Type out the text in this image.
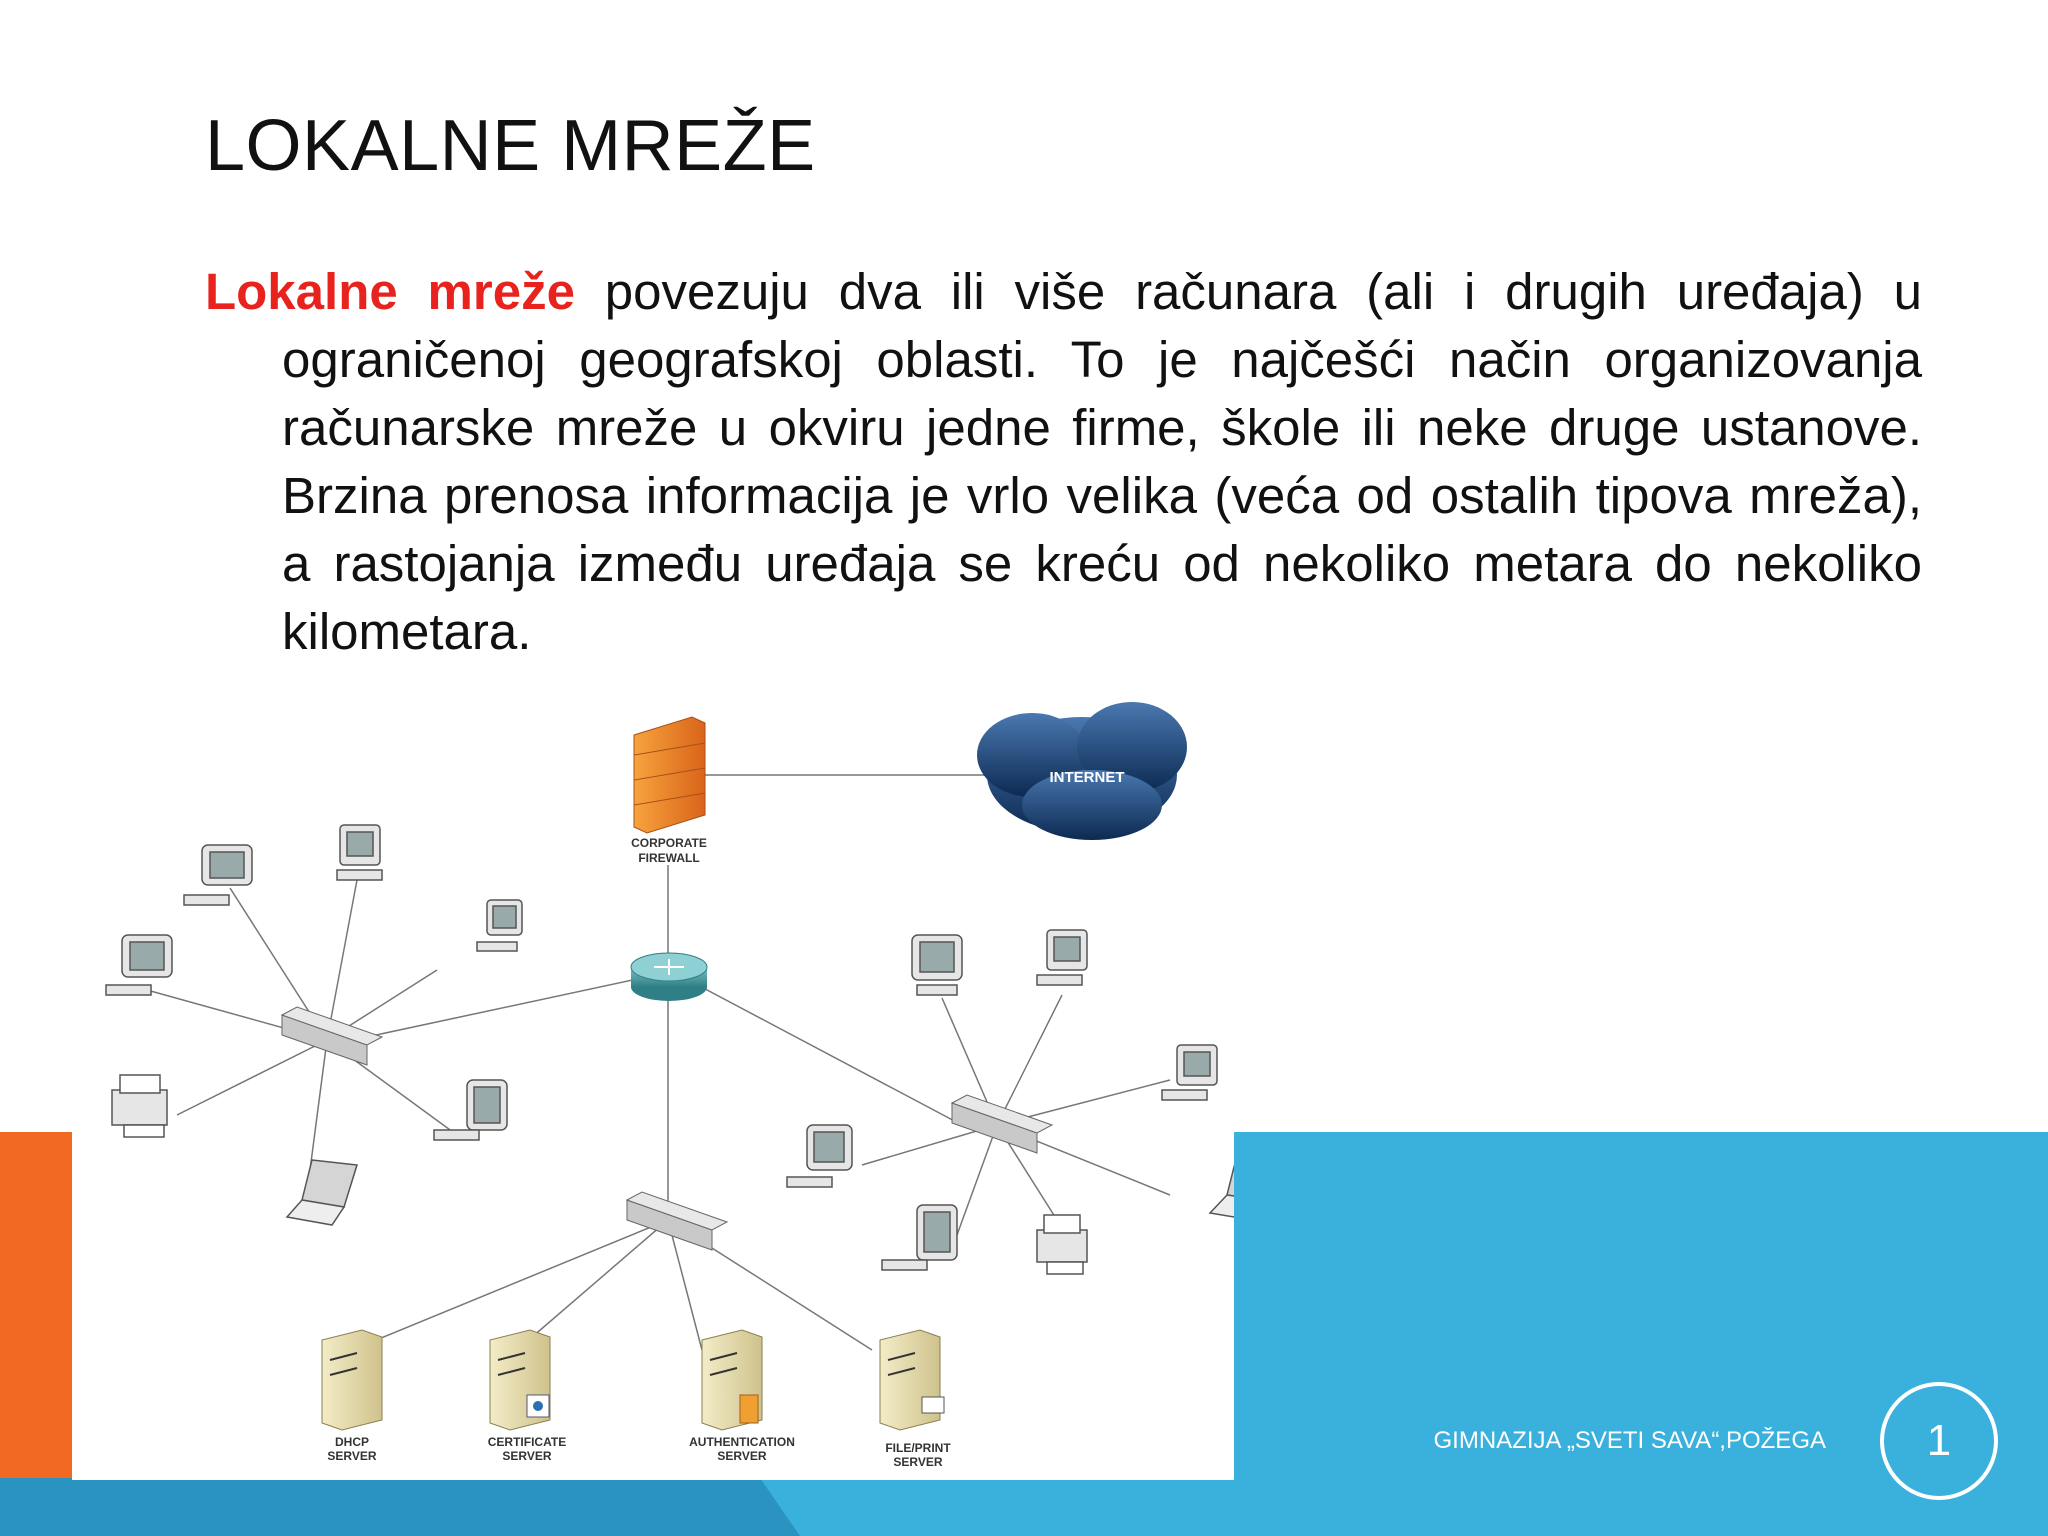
LOKALNE MREŽE
Lokalne mreže povezuju dva ili više računara (ali i drugih uređaja) u ograničenoj geografskoj oblasti. To je najčešći način organizovanja računarske mreže u okviru jedne firme, škole ili neke druge ustanove. Brzina prenosa informacija je vrlo velika (veća od ostalih tipova mreža), a rastojanja između uređaja se kreću od nekoliko metara do nekoliko kilometara.
INTERNET
CORPORATE
FIREWALL
DHCP
SERVER
CERTIFICATE
SERVER
AUTHENTICATION
SERVER
FILE/PRINT
SERVER
GIMNAZIJA „SVETI SAVA“,POŽEGA	1
